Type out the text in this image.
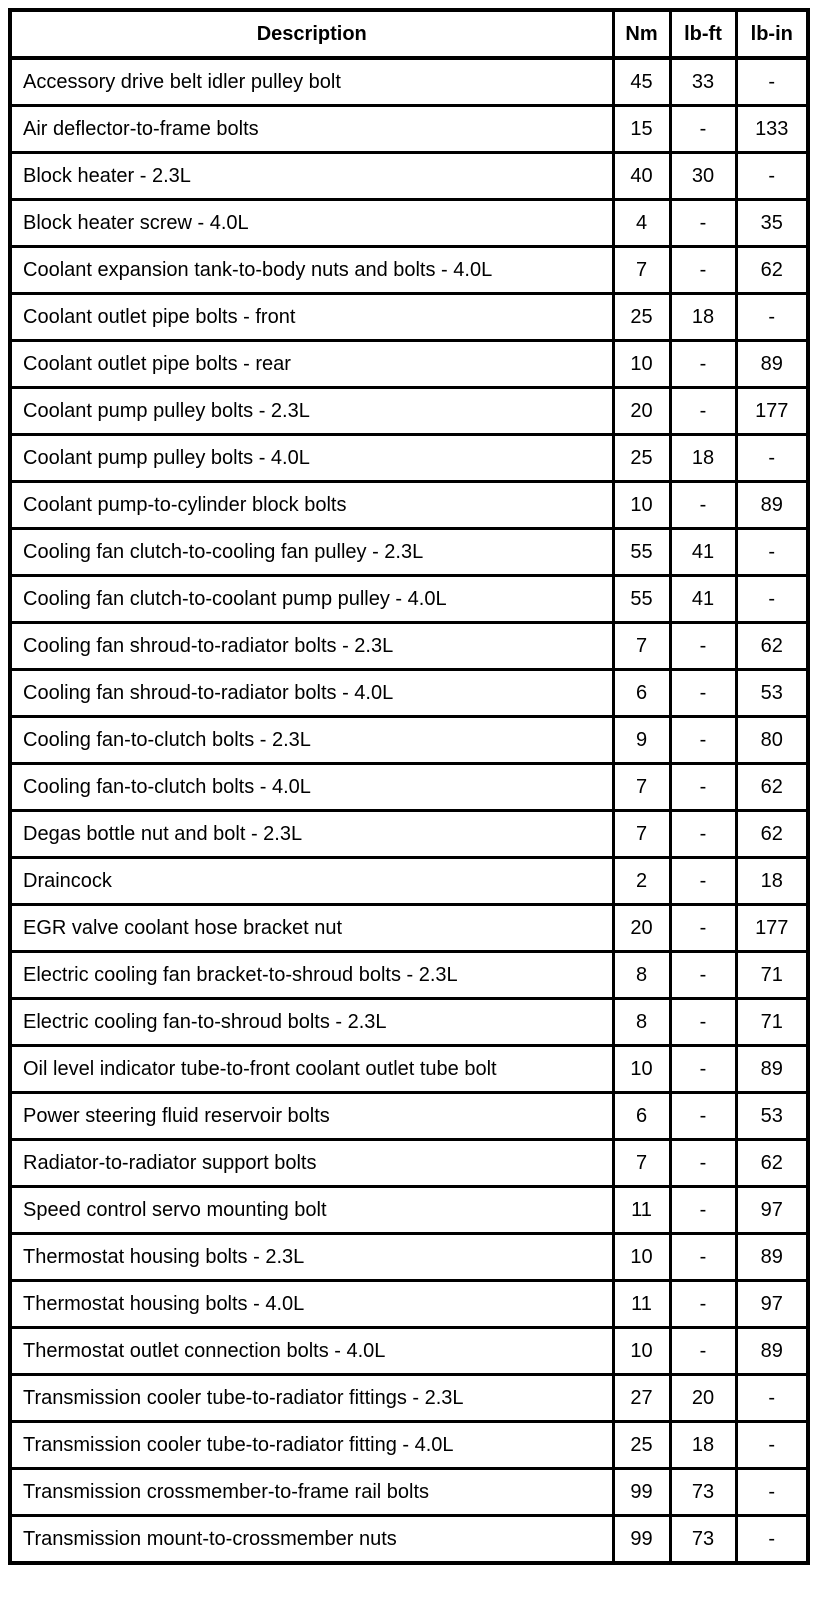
Description	Nm	lb-ft	lb-in
Accessory drive belt idler pulley bolt	45	33	-
Air deflector-to-frame bolts	15	-	133
Block heater - 2.3L	40	30	-
Block heater screw - 4.0L	4	-	35
Coolant expansion tank-to-body nuts and bolts - 4.0L	7	-	62
Coolant outlet pipe bolts - front	25	18	-
Coolant outlet pipe bolts - rear	10	-	89
Coolant pump pulley bolts - 2.3L	20	-	177
Coolant pump pulley bolts - 4.0L	25	18	-
Coolant pump-to-cylinder block bolts	10	-	89
Cooling fan clutch-to-cooling fan pulley - 2.3L	55	41	-
Cooling fan clutch-to-coolant pump pulley - 4.0L	55	41	-
Cooling fan shroud-to-radiator bolts - 2.3L	7	-	62
Cooling fan shroud-to-radiator bolts - 4.0L	6	-	53
Cooling fan-to-clutch bolts - 2.3L	9	-	80
Cooling fan-to-clutch bolts - 4.0L	7	-	62
Degas bottle nut and bolt - 2.3L	7	-	62
Draincock	2	-	18
EGR valve coolant hose bracket nut	20	-	177
Electric cooling fan bracket-to-shroud bolts - 2.3L	8	-	71
Electric cooling fan-to-shroud bolts - 2.3L	8	-	71
Oil level indicator tube-to-front coolant outlet tube bolt	10	-	89
Power steering fluid reservoir bolts	6	-	53
Radiator-to-radiator support bolts	7	-	62
Speed control servo mounting bolt	11	-	97
Thermostat housing bolts - 2.3L	10	-	89
Thermostat housing bolts - 4.0L	11	-	97
Thermostat outlet connection bolts - 4.0L	10	-	89
Transmission cooler tube-to-radiator fittings - 2.3L	27	20	-
Transmission cooler tube-to-radiator fitting - 4.0L	25	18	-
Transmission crossmember-to-frame rail bolts	99	73	-
Transmission mount-to-crossmember nuts	99	73	-
